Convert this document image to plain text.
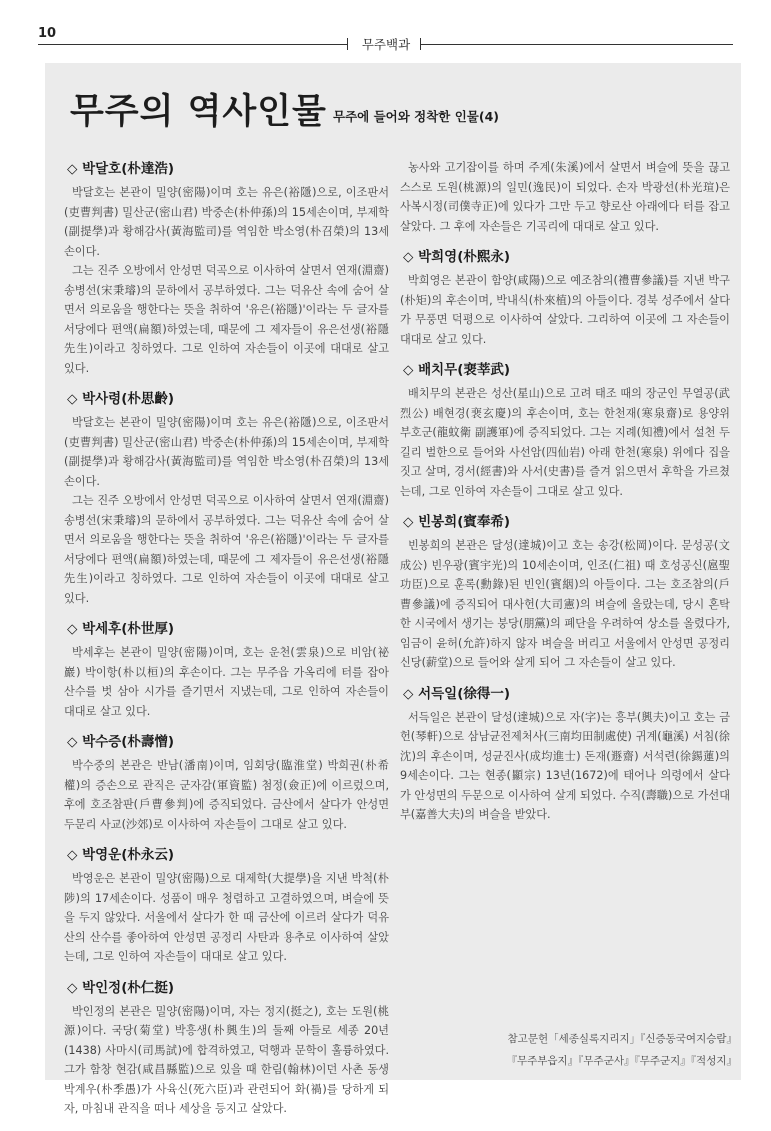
10
무주백과
무주의 역사인물 무주에 들어와 정착한 인물(4)
◇ 박달호(朴達浩)
박달호는 본관이 밀양(密陽)이며 호는 유은(裕隱)으로, 이조판서(吏曹判書) 밀산군(密山君) 박중손(朴仲孫)의 15세손이며, 부제학(副提學)과 황해감사(黃海監司)를 역임한 박소영(朴召榮)의 13세손이다.
그는 진주 오방에서 안성면 덕곡으로 이사하여 살면서 연재(淵齋) 송병선(宋秉璿)의 문하에서 공부하였다. 그는 덕유산 속에 숨어 살면서 의로움을 행한다는 뜻을 취하여 '유은(裕隱)'이라는 두 글자를 서당에다 편액(扁額)하였는데, 때문에 그 제자들이 유은선생(裕隱先生)이라고 칭하였다. 그로 인하여 자손들이 이곳에 대대로 살고 있다.
◇ 박사령(朴思齡)
박달호는 본관이 밀양(密陽)이며 호는 유은(裕隱)으로, 이조판서(吏曹判書) 밀산군(密山君) 박중손(朴仲孫)의 15세손이며, 부제학(副提學)과 황해감사(黃海監司)를 역임한 박소영(朴召榮)의 13세손이다.
그는 진주 오방에서 안성면 덕곡으로 이사하여 살면서 연재(淵齋) 송병선(宋秉璿)의 문하에서 공부하였다. 그는 덕유산 속에 숨어 살면서 의로움을 행한다는 뜻을 취하여 '유은(裕隱)'이라는 두 글자를 서당에다 편액(扁額)하였는데, 때문에 그 제자들이 유은선생(裕隱先生)이라고 칭하였다. 그로 인하여 자손들이 이곳에 대대로 살고 있다.
◇ 박세후(朴世厚)
박세후는 본관이 밀양(密陽)이며, 호는 운천(雲泉)으로 비암(祕巖) 박이항(朴以桓)의 후손이다. 그는 무주읍 가옥리에 터를 잡아 산수를 벗 삼아 시가를 즐기면서 지냈는데, 그로 인하여 자손들이 대대로 살고 있다.
◇ 박수증(朴壽憎)
박수중의 본관은 반남(潘南)이며, 임회당(臨淮堂) 박희권(朴希權)의 증손으로 관직은 군자감(軍資監) 첨정(僉正)에 이르렀으며, 후에 호조참판(戶曹參判)에 증직되었다. 금산에서 살다가 안성면 두문리 사교(沙郊)로 이사하여 자손들이 그대로 살고 있다.
◇ 박영운(朴永云)
박영운은 본관이 밀양(密陽)으로 대제학(大提學)을 지낸 박척(朴陟)의 17세손이다. 성품이 매우 청렴하고 고결하였으며, 벼슬에 뜻을 두지 않았다. 서울에서 살다가 한 때 금산에 이르러 살다가 덕유산의 산수를 좋아하여 안성면 공정리 사탄과 용추로 이사하여 살았는데, 그로 인하여 자손들이 대대로 살고 있다.
◇ 박인정(朴仁挺)
박인정의 본관은 밀양(密陽)이며, 자는 정지(挺之), 호는 도원(桃源)이다. 국당(菊堂) 박흥생(朴興生)의 둘째 아들로 세종 20년(1438) 사마시(司馬試)에 합격하였고, 덕행과 문학이 훌륭하였다. 그가 함창 현감(咸昌縣監)으로 있을 때 한림(翰林)이던 사촌 동생 박계우(朴季愚)가 사육신(死六臣)과 관련되어 화(禍)를 당하게 되자, 마침내 관직을 떠나 세상을 등지고 살았다.
농사와 고기잡이를 하며 주계(朱溪)에서 살면서 벼슬에 뜻을 끊고 스스로 도원(桃源)의 일민(逸民)이 되었다. 손자 박광선(朴光瑄)은 사복시정(司僕寺正)에 있다가 그만 두고 향로산 아래에다 터를 잡고 살았다. 그 후에 자손들은 기곡리에 대대로 살고 있다.
◇ 박희영(朴熙永)
박희영은 본관이 함양(咸陽)으로 예조참의(禮曹參議)를 지낸 박구(朴矩)의 후손이며, 박내식(朴來植)의 아들이다. 경북 성주에서 살다가 무풍면 덕평으로 이사하여 살았다. 그리하여 이곳에 그 자손들이 대대로 살고 있다.
◇ 배치무(裵莘武)
배치무의 본관은 성산(星山)으로 고려 태조 때의 장군인 무열공(武烈公) 배현경(裵玄慶)의 후손이며, 호는 한천재(寒泉齋)로 용양위 부호군(龍蚊衛 副護軍)에 증직되었다. 그는 지례(知禮)에서 설천 두길리 벌한으로 들어와 사선암(四仙岩) 아래 한천(寒泉) 위에다 집을 짓고 살며, 경서(經書)와 사서(史書)를 즐겨 읽으면서 후학을 가르쳤는데, 그로 인하여 자손들이 그대로 살고 있다.
◇ 빈봉희(賓奉希)
빈봉희의 본관은 달성(達城)이고 호는 송강(松岡)이다. 문성공(文成公) 빈우광(賓宇光)의 10세손이며, 인조(仁祖) 때 호성공신(扈聖功臣)으로 훈록(勳錄)된 빈인(賓絪)의 아들이다. 그는 호조참의(戶曹參議)에 증직되어 대사헌(大司憲)의 벼슬에 올랐는데, 당시 혼탁한 시국에서 생기는 붕당(朋黨)의 폐단을 우려하여 상소를 올렸다가, 임금이 윤허(允許)하지 않자 벼슬을 버리고 서울에서 안성면 공정리 신당(薪堂)으로 들어와 살게 되어 그 자손들이 살고 있다.
◇ 서득일(徐得一)
서득일은 본관이 달성(達城)으로 자(字)는 흥부(興夫)이고 호는 금헌(琴軒)으로 삼남균전제처사(三南均田制處使) 귀계(龜溪) 서침(徐沈)의 후손이며, 성균진사(成均進士) 돈재(遯齋) 서석련(徐錫蓮)의 9세손이다. 그는 현종(顯宗) 13년(1672)에 태어나 의령에서 살다가 안성면의 두문으로 이사하여 살게 되었다. 수직(壽職)으로 가선대부(嘉善大夫)의 벼슬을 받았다.
참고문헌「세종실록지리지」『신증동국여지승람』
『무주부읍지』『무주군사』『무주군지』『적성지』
